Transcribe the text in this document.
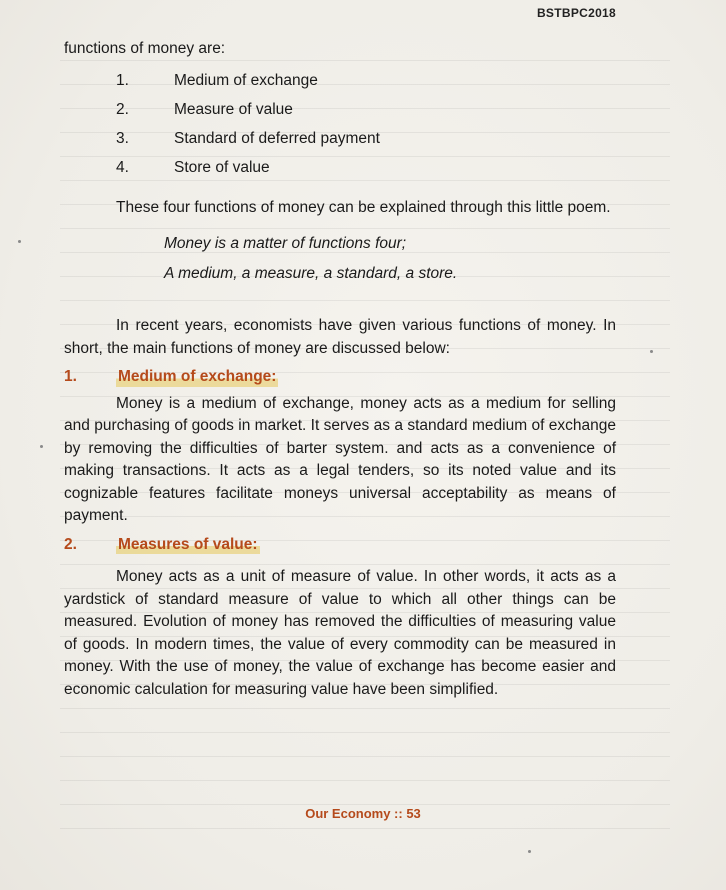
BSTBPC2018

functions of money are:

1.	Medium of exchange
2.	Measure of value
3.	Standard of deferred payment
4.	Store of value

These four functions of money can be explained through this little poem.

Money is a matter of functions four;
A medium, a measure, a standard, a store.

In recent years, economists have given various functions of money. In short, the main functions of money are discussed below:

1.	Medium of exchange:

Money is a medium of exchange, money acts as a medium for selling and purchasing of goods in market. It serves as a standard medium of exchange by removing the difficulties of barter system. and acts as a convenience of making transactions. It acts as a legal tenders, so its noted value and its cognizable features facilitate moneys universal acceptability as means of payment.

2.	Measures of value:

Money acts as a unit of measure of value. In other words, it acts as a yardstick of standard measure of value to which all other things can be measured. Evolution of money has removed the difficulties of measuring value of goods. In modern times, the value of every commodity can be measured in money. With the use of money, the value of exchange has become easier and economic calculation for measuring value have been simplified.

Our Economy :: 53
